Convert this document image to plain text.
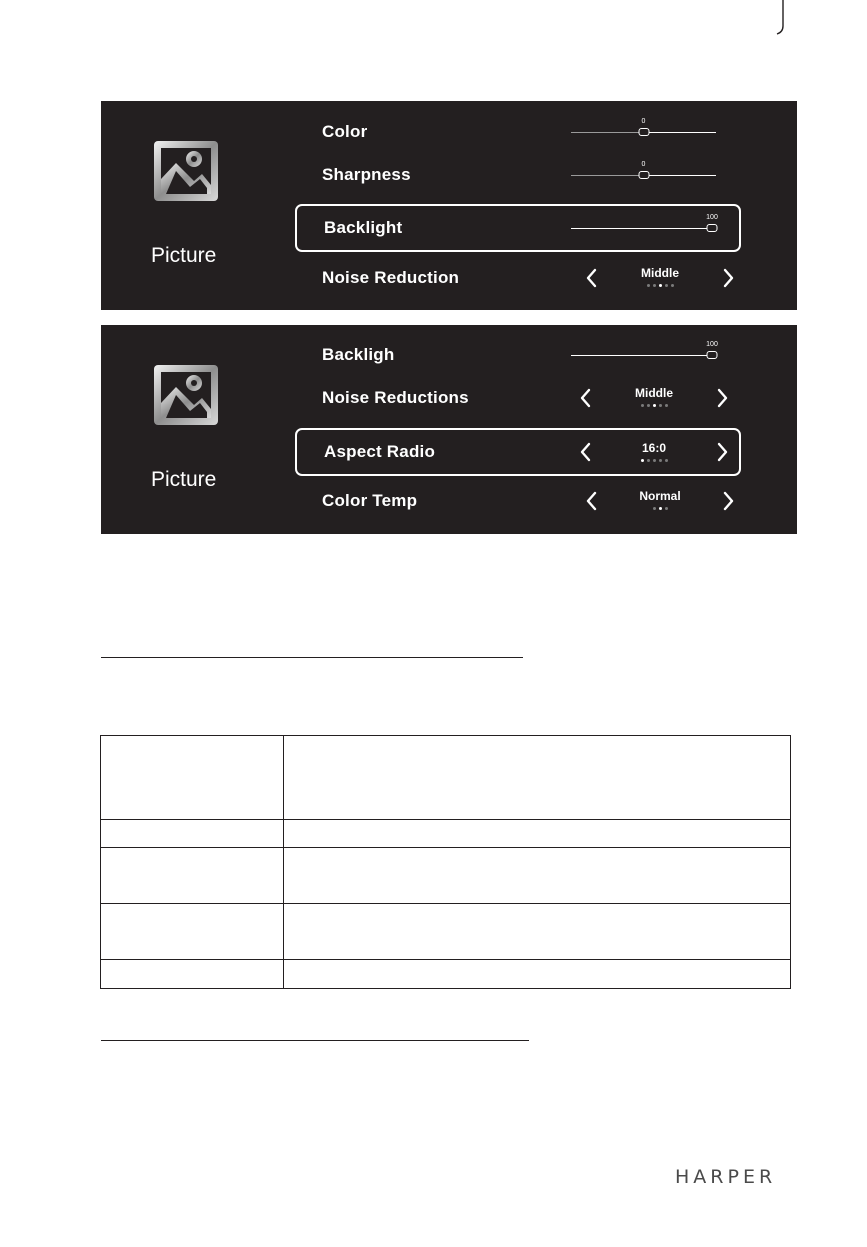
Picture
Color
0
Sharpness
0
Backlight
100
Noise Reduction	Middle
Picture
Backligh
100
Noise Reductions	Middle
Aspect Radio	16:0
Color Temp	Normal

HARPER
